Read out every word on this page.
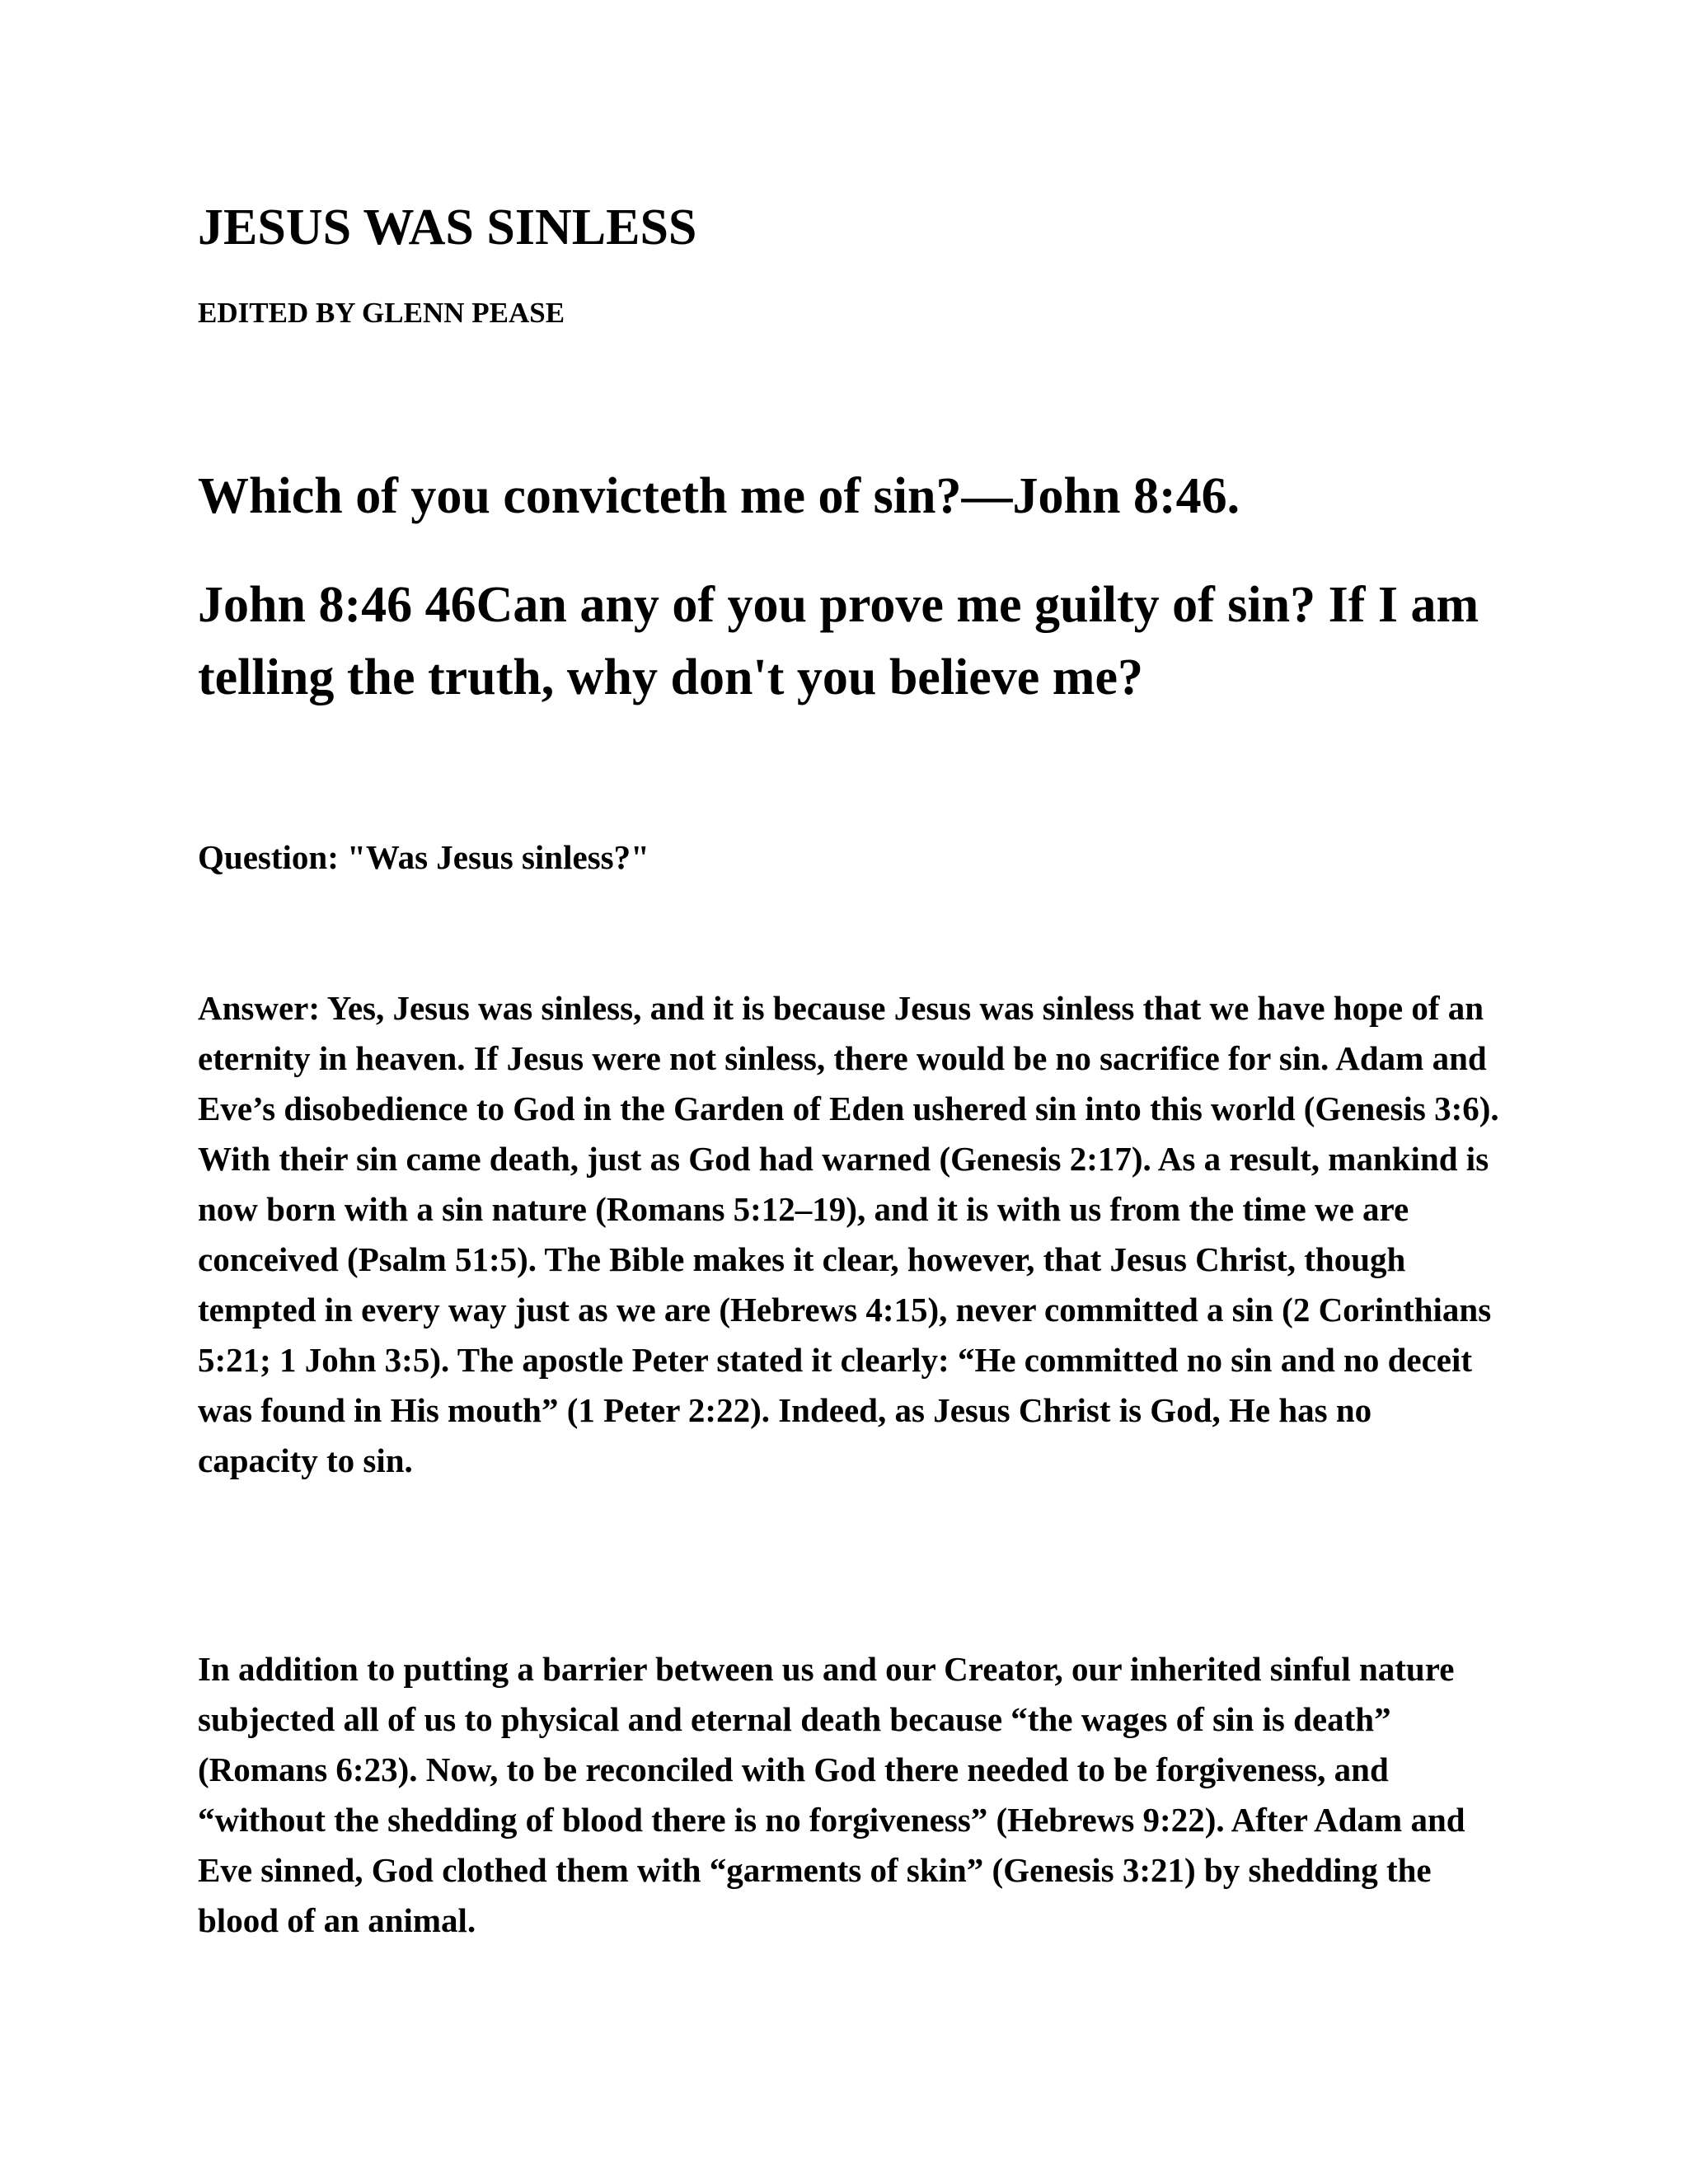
JESUS WAS SINLESS

EDITED BY GLENN PEASE

Which of you convicteth me of sin?—John 8:46.
John 8:46 46Can any of you prove me guilty of sin? If I am telling the truth, why don't you believe me?

Question: "Was Jesus sinless?"

Answer: Yes, Jesus was sinless, and it is because Jesus was sinless that we have hope of an eternity in heaven. If Jesus were not sinless, there would be no sacrifice for sin. Adam and Eve’s disobedience to God in the Garden of Eden ushered sin into this world (Genesis 3:6). With their sin came death, just as God had warned (Genesis 2:17). As a result, mankind is now born with a sin nature (Romans 5:12–19), and it is with us from the time we are conceived (Psalm 51:5). The Bible makes it clear, however, that Jesus Christ, though tempted in every way just as we are (Hebrews 4:15), never committed a sin (2 Corinthians 5:21; 1 John 3:5). The apostle Peter stated it clearly: “He committed no sin and no deceit was found in His mouth” (1 Peter 2:22). Indeed, as Jesus Christ is God, He has no capacity to sin.

In addition to putting a barrier between us and our Creator, our inherited sinful nature subjected all of us to physical and eternal death because “the wages of sin is death” (Romans 6:23). Now, to be reconciled with God there needed to be forgiveness, and “without the shedding of blood there is no forgiveness” (Hebrews 9:22). After Adam and Eve sinned, God clothed them with “garments of skin” (Genesis 3:21) by shedding the blood of an animal.
